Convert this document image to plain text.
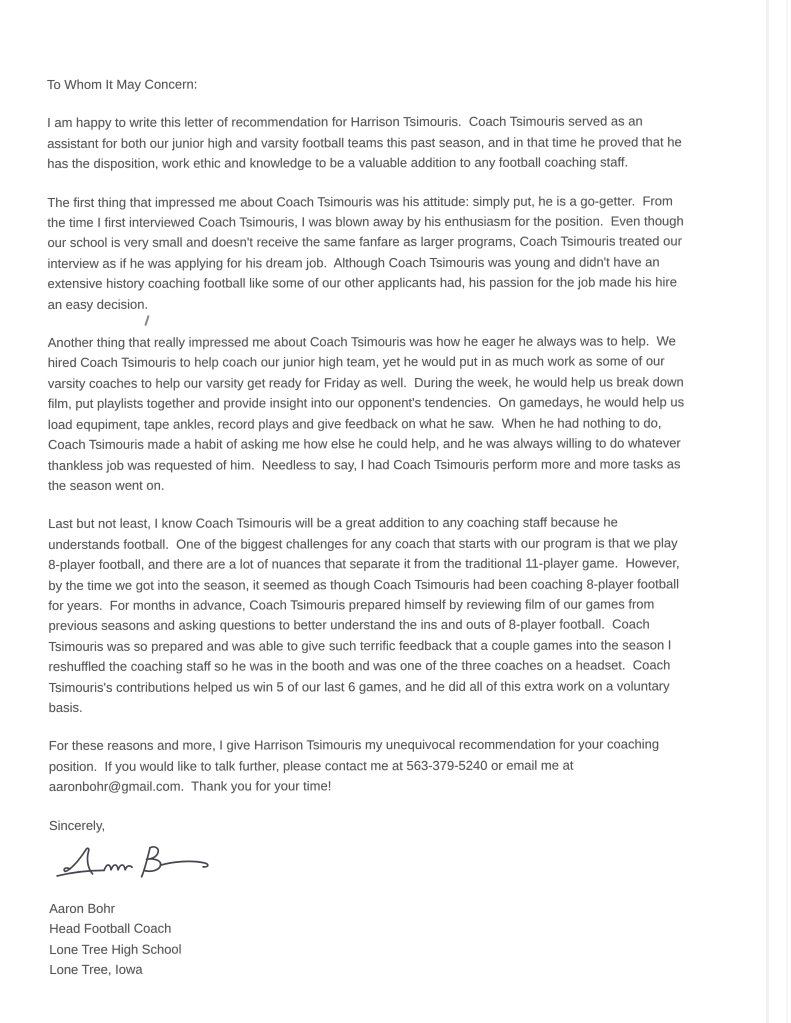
To Whom It May Concern:

I am happy to write this letter of recommendation for Harrison Tsimouris.  Coach Tsimouris served as an
assistant for both our junior high and varsity football teams this past season, and in that time he proved that he
has the disposition, work ethic and knowledge to be a valuable addition to any football coaching staff.

The first thing that impressed me about Coach Tsimouris was his attitude: simply put, he is a go-getter.  From
the time I first interviewed Coach Tsimouris, I was blown away by his enthusiasm for the position.  Even though
our school is very small and doesn't receive the same fanfare as larger programs, Coach Tsimouris treated our
interview as if he was applying for his dream job.  Although Coach Tsimouris was young and didn't have an
extensive history coaching football like some of our other applicants had, his passion for the job made his hire
an easy decision.

Another thing that really impressed me about Coach Tsimouris was how he eager he always was to help.  We
hired Coach Tsimouris to help coach our junior high team, yet he would put in as much work as some of our
varsity coaches to help our varsity get ready for Friday as well.  During the week, he would help us break down
film, put playlists together and provide insight into our opponent's tendencies.  On gamedays, he would help us
load equpiment, tape ankles, record plays and give feedback on what he saw.  When he had nothing to do,
Coach Tsimouris made a habit of asking me how else he could help, and he was always willing to do whatever
thankless job was requested of him.  Needless to say, I had Coach Tsimouris perform more and more tasks as
the season went on.

Last but not least, I know Coach Tsimouris will be a great addition to any coaching staff because he
understands football.  One of the biggest challenges for any coach that starts with our program is that we play
8-player football, and there are a lot of nuances that separate it from the traditional 11-player game.  However,
by the time we got into the season, it seemed as though Coach Tsimouris had been coaching 8-player football
for years.  For months in advance, Coach Tsimouris prepared himself by reviewing film of our games from
previous seasons and asking questions to better understand the ins and outs of 8-player football.  Coach
Tsimouris was so prepared and was able to give such terrific feedback that a couple games into the season I
reshuffled the coaching staff so he was in the booth and was one of the three coaches on a headset.  Coach
Tsimouris's contributions helped us win 5 of our last 6 games, and he did all of this extra work on a voluntary
basis.

For these reasons and more, I give Harrison Tsimouris my unequivocal recommendation for your coaching
position.  If you would like to talk further, please contact me at 563-379-5240 or email me at
aaronbohr@gmail.com.  Thank you for your time!

Sincerely,
Aaron Bohr
Head Football Coach
Lone Tree High School
Lone Tree, Iowa
